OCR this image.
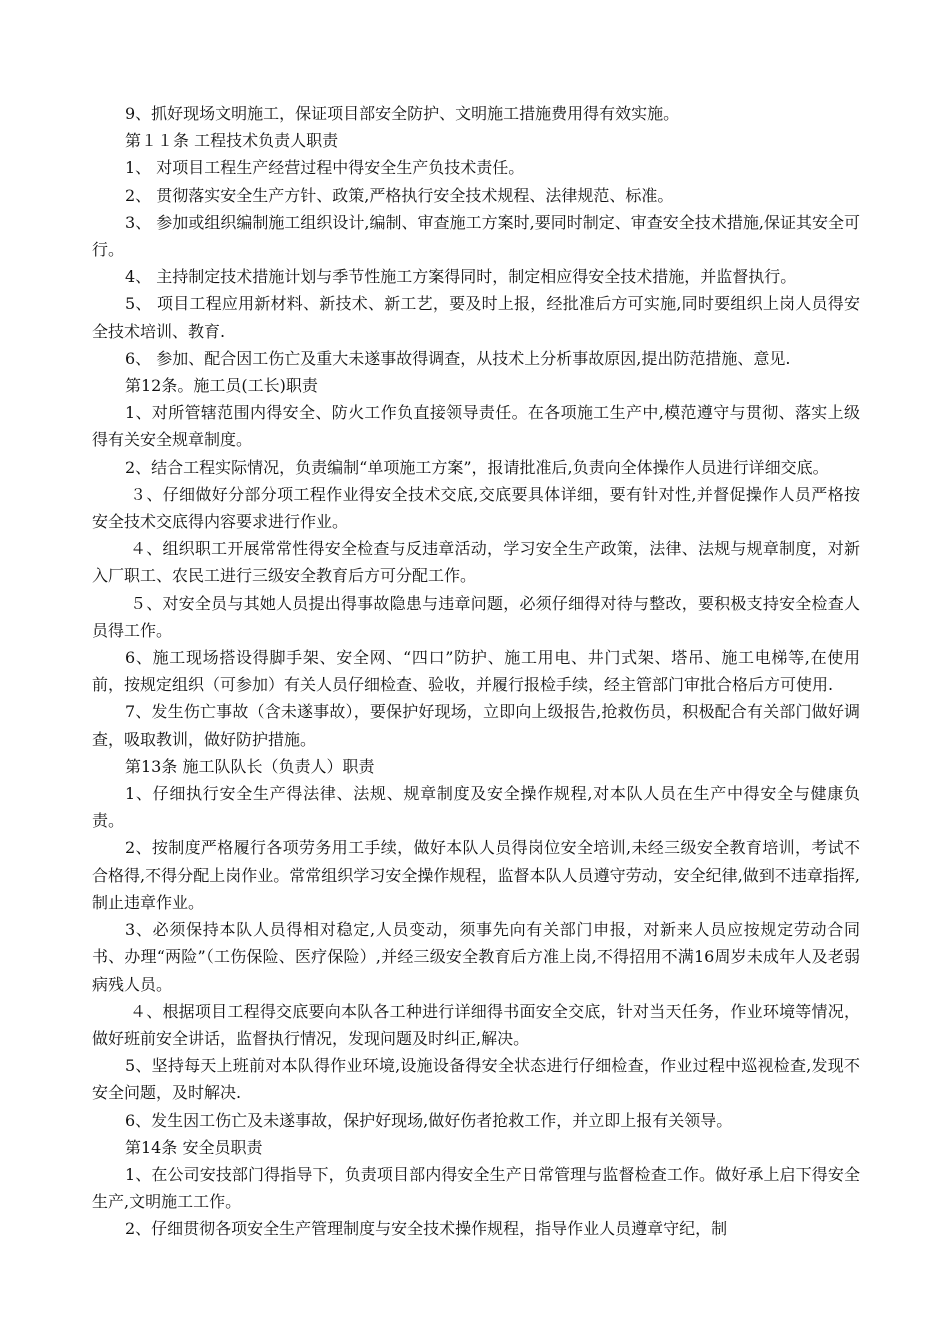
9、抓好现场文明施工，保证项目部安全防护、文明施工措施费用得有效实施。

第１１条 工程技术负责人职责

1、 对项目工程生产经营过程中得安全生产负技术责任。

2、 贯彻落实安全生产方针、政策,严格执行安全技术规程、法律规范、标准。

3、 参加或组织编制施工组织设计,编制、审查施工方案时,要同时制定、审查安全技术措施,保证其安全可行。

4、 主持制定技术措施计划与季节性施工方案得同时，制定相应得安全技术措施，并监督执行。

5、 项目工程应用新材料、新技术、新工艺，要及时上报，经批准后方可实施,同时要组织上岗人员得安全技术培训、教育.

6、 参加、配合因工伤亡及重大未遂事故得调查，从技术上分析事故原因,提出防范措施、意见.

第12条。施工员(工长)职责

1、对所管辖范围内得安全、防火工作负直接领导责任。在各项施工生产中,模范遵守与贯彻、落实上级得有关安全规章制度。

2、结合工程实际情况，负责编制“单项施工方案”，报请批准后,负责向全体操作人员进行详细交底。

３、仔细做好分部分项工程作业得安全技术交底,交底要具体详细，要有针对性,并督促操作人员严格按安全技术交底得内容要求进行作业。

４、组织职工开展常常性得安全检查与反违章活动，学习安全生产政策，法律、法规与规章制度，对新入厂职工、农民工进行三级安全教育后方可分配工作。

５、对安全员与其她人员提出得事故隐患与违章问题，必须仔细得对待与整改，要积极支持安全检查人员得工作。

6、施工现场搭设得脚手架、安全网、“四口”防护、施工用电、井门式架、塔吊、施工电梯等,在使用前，按规定组织（可参加）有关人员仔细检查、验收，并履行报检手续，经主管部门审批合格后方可使用.

7、发生伤亡事故（含未遂事故），要保护好现场，立即向上级报告,抢救伤员，积极配合有关部门做好调查，吸取教训，做好防护措施。

第13条 施工队队长（负责人）职责

1、仔细执行安全生产得法律、法规、规章制度及安全操作规程,对本队人员在生产中得安全与健康负责。

2、按制度严格履行各项劳务用工手续，做好本队人员得岗位安全培训,未经三级安全教育培训，考试不合格得,不得分配上岗作业。常常组织学习安全操作规程，监督本队人员遵守劳动，安全纪律,做到不违章指挥,制止违章作业。

3、必须保持本队人员得相对稳定,人员变动，须事先向有关部门申报，对新来人员应按规定劳动合同书、办理“两险”（工伤保险、医疗保险）,并经三级安全教育后方准上岗,不得招用不满16周岁未成年人及老弱病残人员。

４、根据项目工程得交底要向本队各工种进行详细得书面安全交底，针对当天任务，作业环境等情况，做好班前安全讲话，监督执行情况，发现问题及时纠正,解决。

5、坚持每天上班前对本队得作业环境,设施设备得安全状态进行仔细检查，作业过程中巡视检查,发现不安全问题，及时解决.

6、发生因工伤亡及未遂事故，保护好现场,做好伤者抢救工作，并立即上报有关领导。

第14条 安全员职责

1、在公司安技部门得指导下，负责项目部内得安全生产日常管理与监督检查工作。做好承上启下得安全生产,文明施工工作。

2、仔细贯彻各项安全生产管理制度与安全技术操作规程，指导作业人员遵章守纪，制
